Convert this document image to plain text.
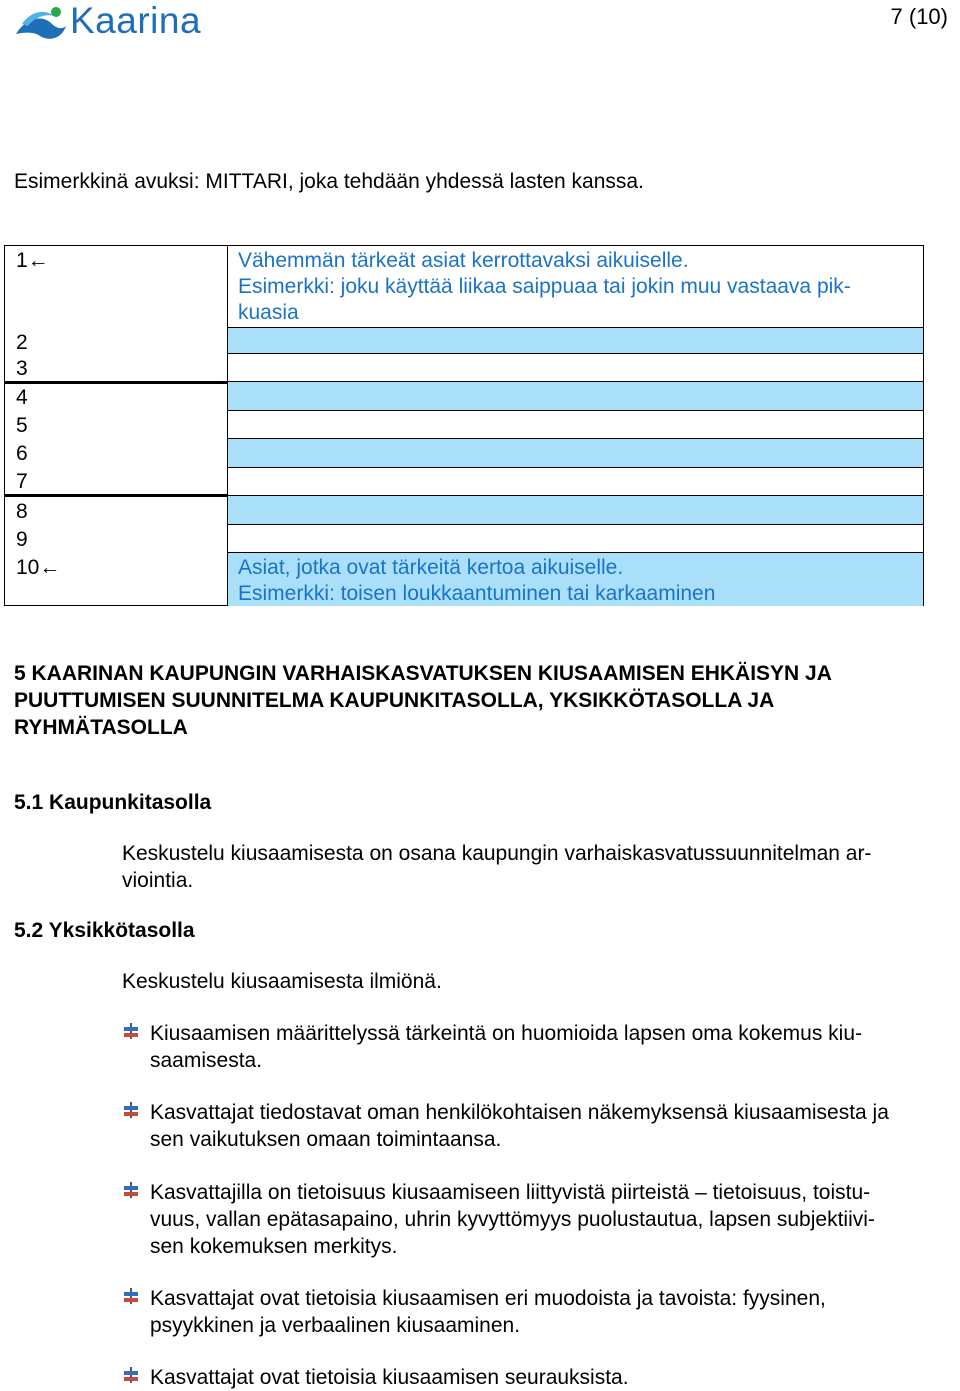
Kaarina	7 (10)
Esimerkkinä avuksi: MITTARI, joka tehdään yhdessä lasten kanssa.
1←
2
3
4
5
6
7
8
9
10←
Vähemmän tärkeät asiat kerrottavaksi aikuiselle.
Esimerkki: joku käyttää liikaa saippuaa tai jokin muu vastaava pik-
kuasia
Asiat, jotka ovat tärkeitä kertoa aikuiselle.
Esimerkki: toisen loukkaantuminen tai karkaaminen
5 KAARINAN KAUPUNGIN VARHAISKASVATUKSEN KIUSAAMISEN EHKÄISYN JA
PUUTTUMISEN SUUNNITELMA KAUPUNKITASOLLA, YKSIKKÖTASOLLA JA
RYHMÄTASOLLA
5.1 Kaupunkitasolla
Keskustelu kiusaamisesta on osana kaupungin varhaiskasvatussuunnitelman ar-
viointia.
5.2 Yksikkötasolla
Keskustelu kiusaamisesta ilmiönä.
Kiusaamisen määrittelyssä tärkeintä on huomioida lapsen oma kokemus kiu-
saamisesta.
Kasvattajat tiedostavat oman henkilökohtaisen näkemyksensä kiusaamisesta ja
sen vaikutuksen omaan toimintaansa.
Kasvattajilla on tietoisuus kiusaamiseen liittyvistä piirteistä – tietoisuus, toistu-
vuus, vallan epätasapaino, uhrin kyvyttömyys puolustautua, lapsen subjektiivi-
sen kokemuksen merkitys.
Kasvattajat ovat tietoisia kiusaamisen eri muodoista ja tavoista: fyysinen,
psyykkinen ja verbaalinen kiusaaminen.
Kasvattajat ovat tietoisia kiusaamisen seurauksista.
